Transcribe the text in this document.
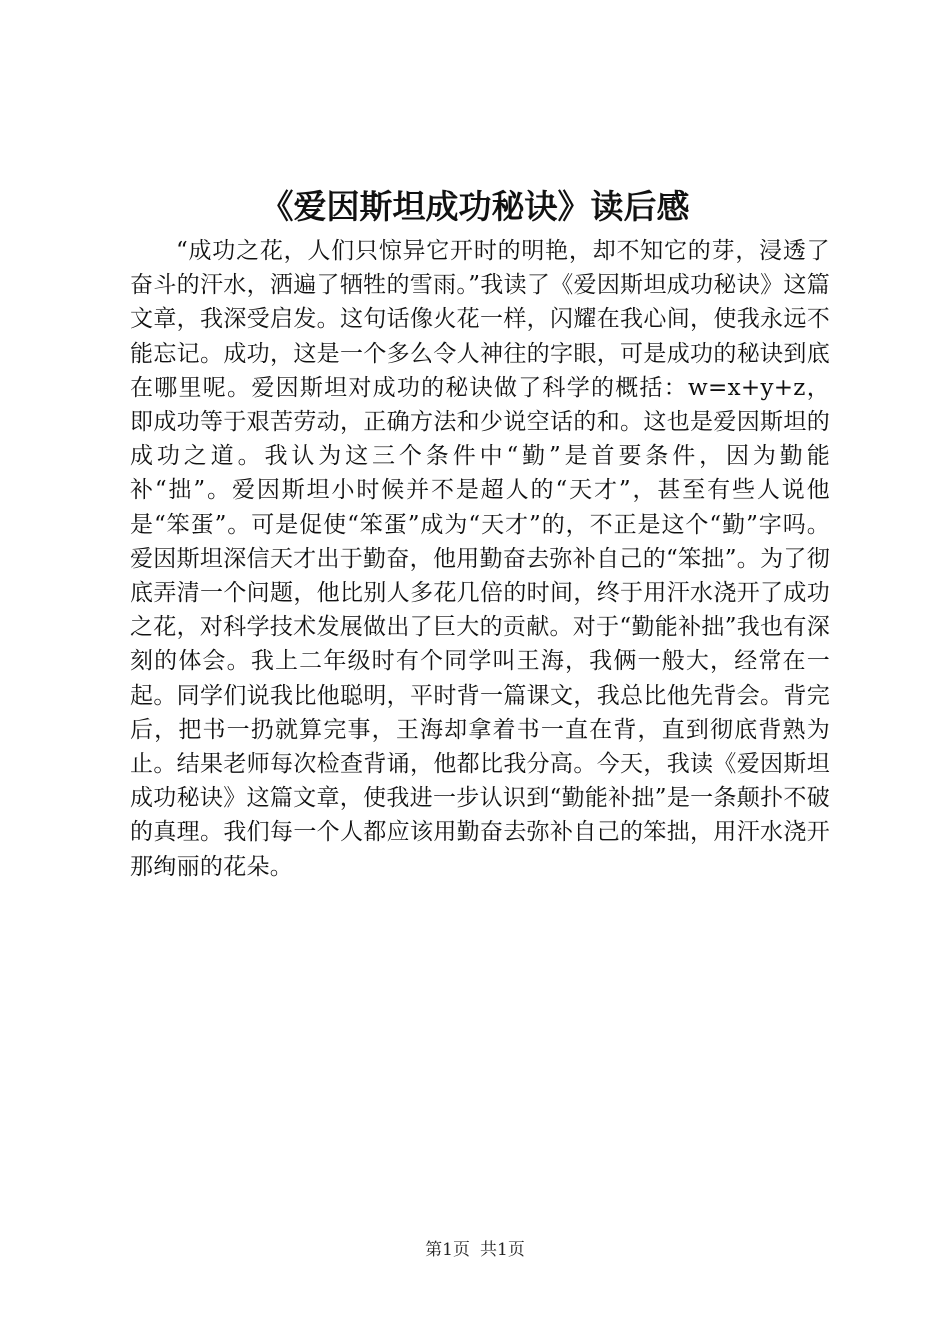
《爱因斯坦成功秘诀》读后感

“成功之花，人们只惊异它开时的明艳，却不知它的芽，浸透了奋斗的汗水，洒遍了牺牲的雪雨。”我读了《爱因斯坦成功秘诀》这篇文章，我深受启发。这句话像火花一样，闪耀在我心间，使我永远不能忘记。成功，这是一个多么令人神往的字眼，可是成功的秘诀到底在哪里呢。爱因斯坦对成功的秘诀做了科学的概括：w=x+y+z，即成功等于艰苦劳动，正确方法和少说空话的和。这也是爱因斯坦的成功之道。我认为这三个条件中“勤”是首要条件，因为勤能补“拙”。爱因斯坦小时候并不是超人的“天才”，甚至有些人说他是“笨蛋”。可是促使“笨蛋”成为“天才”的，不正是这个“勤”字吗。爱因斯坦深信天才出于勤奋，他用勤奋去弥补自己的“笨拙”。为了彻底弄清一个问题，他比别人多花几倍的时间，终于用汗水浇开了成功之花，对科学技术发展做出了巨大的贡献。对于“勤能补拙”我也有深刻的体会。我上二年级时有个同学叫王海，我俩一般大，经常在一起。同学们说我比他聪明，平时背一篇课文，我总比他先背会。背完后，把书一扔就算完事，王海却拿着书一直在背，直到彻底背熟为止。结果老师每次检查背诵，他都比我分高。今天，我读《爱因斯坦成功秘诀》这篇文章，使我进一步认识到“勤能补拙”是一条颠扑不破的真理。我们每一个人都应该用勤奋去弥补自己的笨拙，用汗水浇开那绚丽的花朵。

第1页 共1页
